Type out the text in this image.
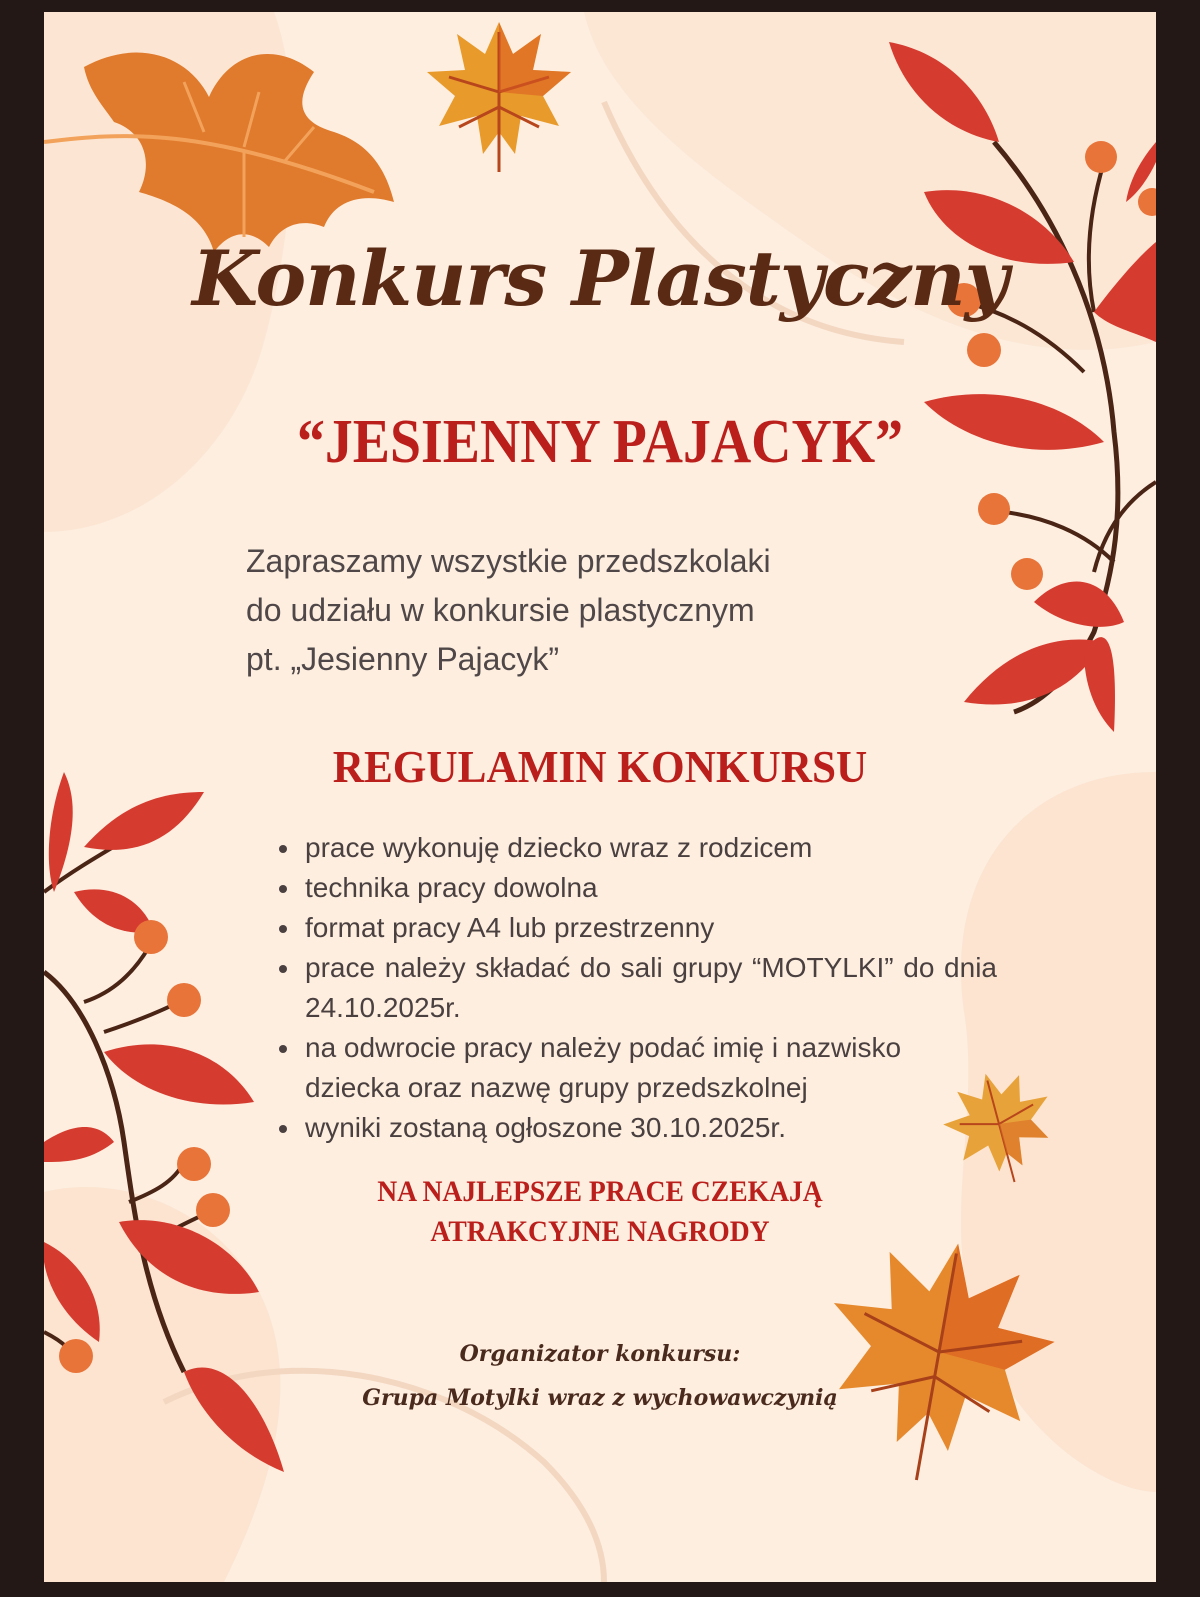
Konkurs Plastyczny
“JESIENNY PAJACYK”

Zapraszamy wszystkie przedszkolaki
do udziału w konkursie plastycznym
pt. „Jesienny Pajacyk”

REGULAMIN KONKURSU
prace wykonuję dziecko wraz z rodzicem
technika pracy dowolna
format pracy A4 lub przestrzenny
prace należy składać do sali grupy “MOTYLKI” do dnia 24.10.2025r.
na odwrocie pracy należy podać imię i nazwisko dziecka oraz nazwę grupy przedszkolnej
wyniki zostaną ogłoszone 30.10.2025r.

NA NAJLEPSZE PRACE CZEKAJĄ
ATRAKCYJNE NAGRODY

Organizator konkursu:
Grupa Motylki wraz z wychowawczynią
